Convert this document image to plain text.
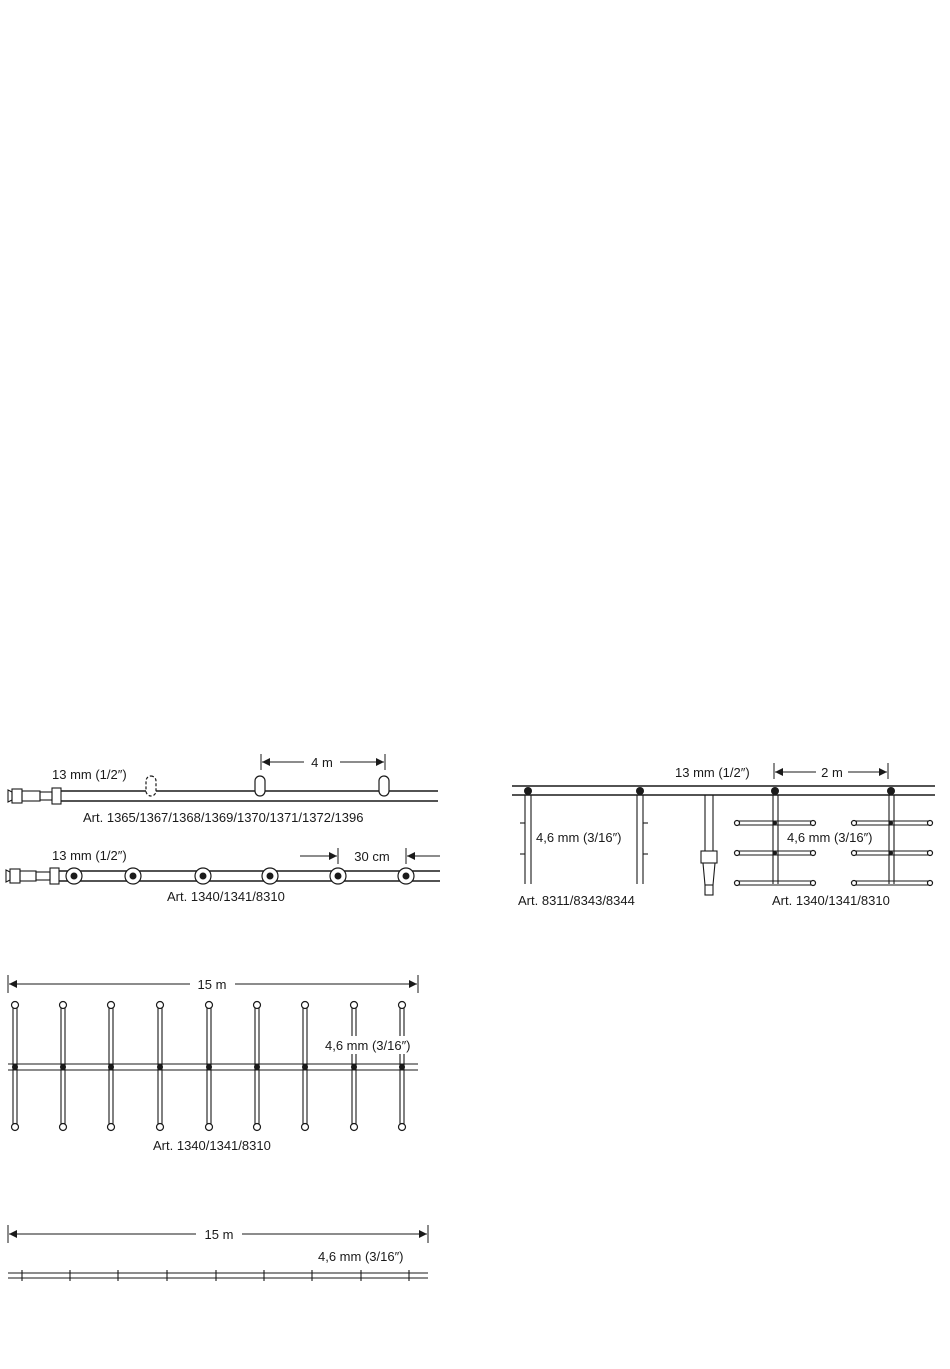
4 m
13 mm (1/2″)
Art. 1365/1367/1368/1369/1370/1371/1372/1396
30 cm
13 mm (1/2″)
Art. 1340/1341/8310
2 m
13 mm (1/2″)
4,6 mm (3/16″)
Art. 8311/8343/8344
4,6 mm (3/16″)
Art. 1340/1341/8310
15 m
4,6 mm (3/16″)
Art. 1340/1341/8310
15 m
4,6 mm (3/16″)
